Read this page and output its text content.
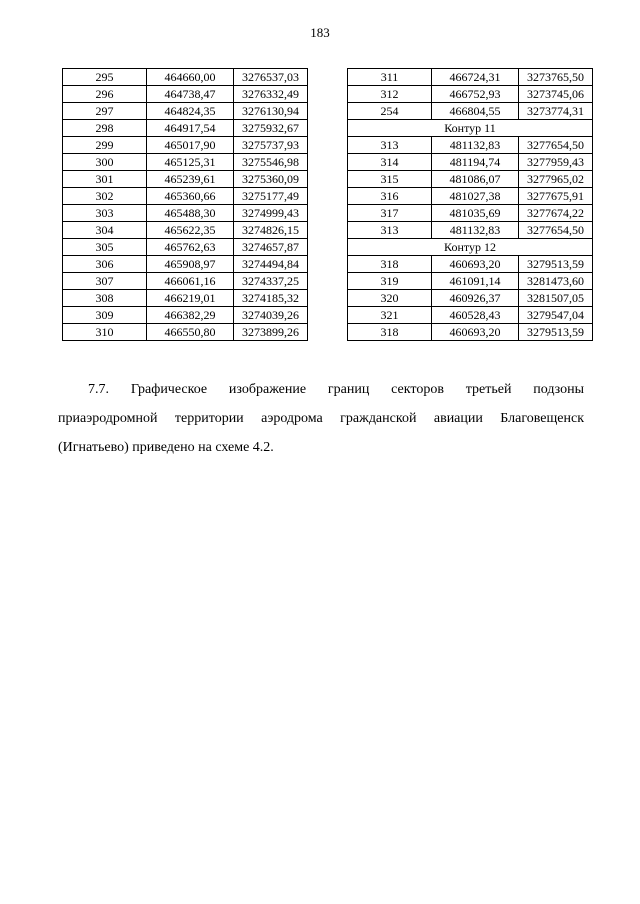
183
295	464660,00	3276537,03
296	464738,47	3276332,49
297	464824,35	3276130,94
298	464917,54	3275932,67
299	465017,90	3275737,93
300	465125,31	3275546,98
301	465239,61	3275360,09
302	465360,66	3275177,49
303	465488,30	3274999,43
304	465622,35	3274826,15
305	465762,63	3274657,87
306	465908,97	3274494,84
307	466061,16	3274337,25
308	466219,01	3274185,32
309	466382,29	3274039,26
310	466550,80	3273899,26
311	466724,31	3273765,50
312	466752,93	3273745,06
254	466804,55	3273774,31
Контур 11		
313	481132,83	3277654,50
314	481194,74	3277959,43
315	481086,07	3277965,02
316	481027,38	3277675,91
317	481035,69	3277674,22
313	481132,83	3277654,50
Контур 12		
318	460693,20	3279513,59
319	461091,14	3281473,60
320	460926,37	3281507,05
321	460528,43	3279547,04
318	460693,20	3279513,59
7.7. Графическое изображение границ секторов третьей подзоны
приаэродромной территории аэродрома гражданской авиации Благовещенск
(Игнатьево) приведено на схеме 4.2.
